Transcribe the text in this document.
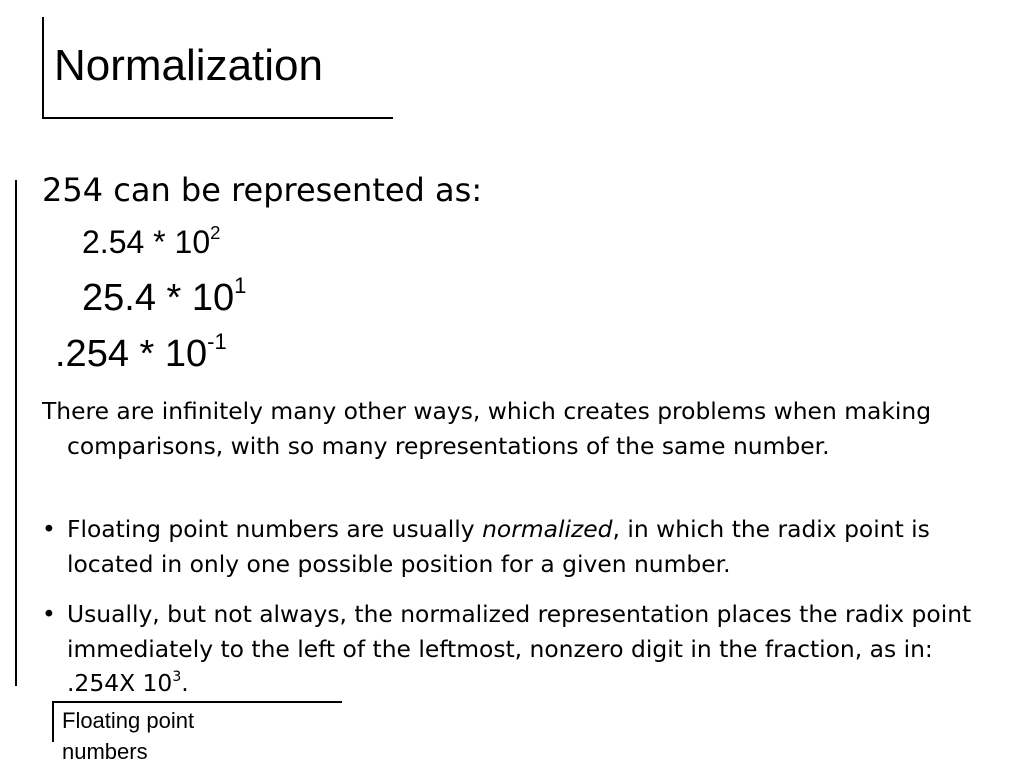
Normalization
254 can be represented as:
$2.54 * 10^2$
$25.4 * 10^1$
$.254 * 10^{-1}$
There are infinitely many other ways, which creates problems when making comparisons, with so many representations of the same number.
• Floating point numbers are usually normalized, in which the radix point is located in only one possible position for a given number.
• Usually, but not always, the normalized representation places the radix point immediately to the left of the leftmost, nonzero digit in the fraction, as in: .254X $10^3$.
Floating point numbers
